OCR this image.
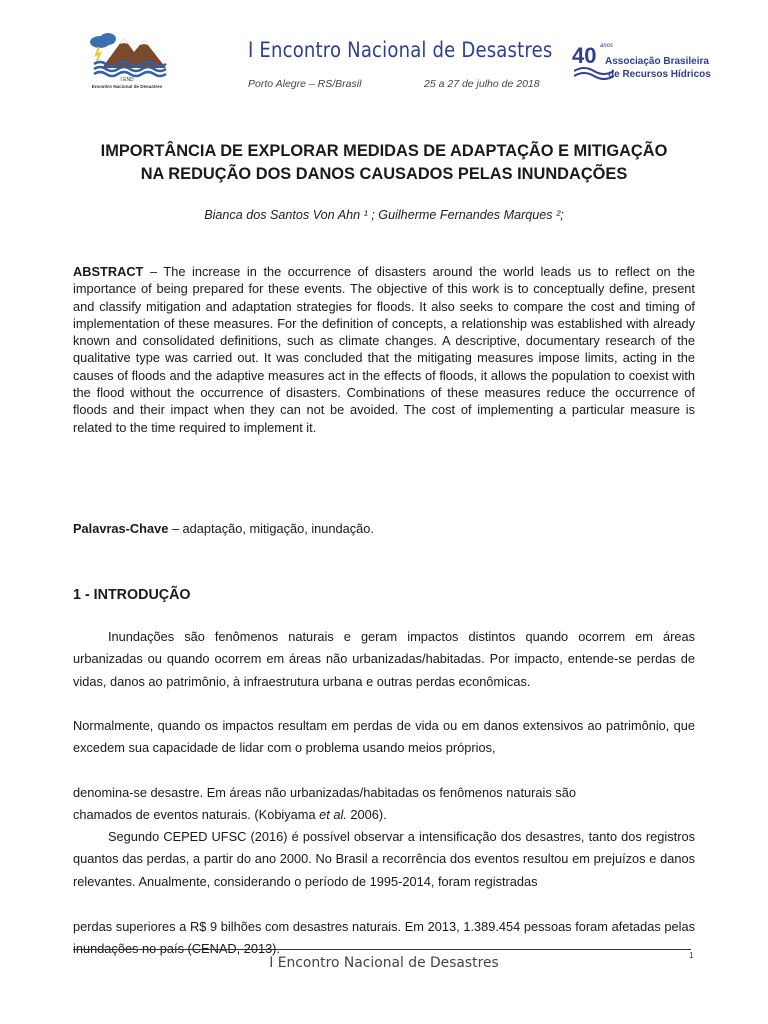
I END
Encontro Nacional de Desastres
I Encontro Nacional de Desastres
Porto Alegre – RS/Brasil	25 a 27 de julho de 2018
40 anos
Associação Brasileira
de Recursos Hídricos
IMPORTÂNCIA DE EXPLORAR MEDIDAS DE ADAPTAÇÃO E MITIGAÇÃO
NA REDUÇÃO DOS DANOS CAUSADOS PELAS INUNDAÇÕES
Bianca dos Santos Von Ahn ¹ ; Guilherme Fernandes Marques ²;
ABSTRACT – The increase in the occurrence of disasters around the world leads us to reflect on the importance of being prepared for these events. The objective of this work is to conceptually define, present and classify mitigation and adaptation strategies for floods. It also seeks to compare the cost and timing of implementation of these measures. For the definition of concepts, a relationship was established with already known and consolidated definitions, such as climate changes. A descriptive, documentary research of the qualitative type was carried out. It was concluded that the mitigating measures impose limits, acting in the causes of floods and the adaptive measures act in the effects of floods, it allows the population to coexist with the flood without the occurrence of disasters. Combinations of these measures reduce the occurrence of floods and their impact when they can not be avoided. The cost of implementing a particular measure is related to the time required to implement it.
Palavras-Chave – adaptação, mitigação, inundação.
1 - INTRODUÇÃO
Inundações são fenômenos naturais e geram impactos distintos quando ocorrem em áreas urbanizadas ou quando ocorrem em áreas não urbanizadas/habitadas. Por impacto, entende-se perdas de vidas, danos ao patrimônio, à infraestrutura urbana e outras perdas econômicas.
Normalmente, quando os impactos resultam em perdas de vida ou em danos extensivos ao patrimônio, que excedem sua capacidade de lidar com o problema usando meios próprios,
denomina-se desastre. Em áreas não urbanizadas/habitadas os fenômenos naturais são
chamados de eventos naturais. (Kobiyama et al. 2006).
Segundo CEPED UFSC (2016) é possível observar a intensificação dos desastres, tanto dos registros quantos das perdas, a partir do ano 2000. No Brasil a recorrência dos eventos resultou em prejuízos e danos relevantes. Anualmente, considerando o período de 1995-2014, foram registradas
perdas superiores a R$ 9 bilhões com desastres naturais. Em 2013, 1.389.454 pessoas foram afetadas pelas inundações no país (CENAD, 2013).	1
I Encontro Nacional de Desastres
